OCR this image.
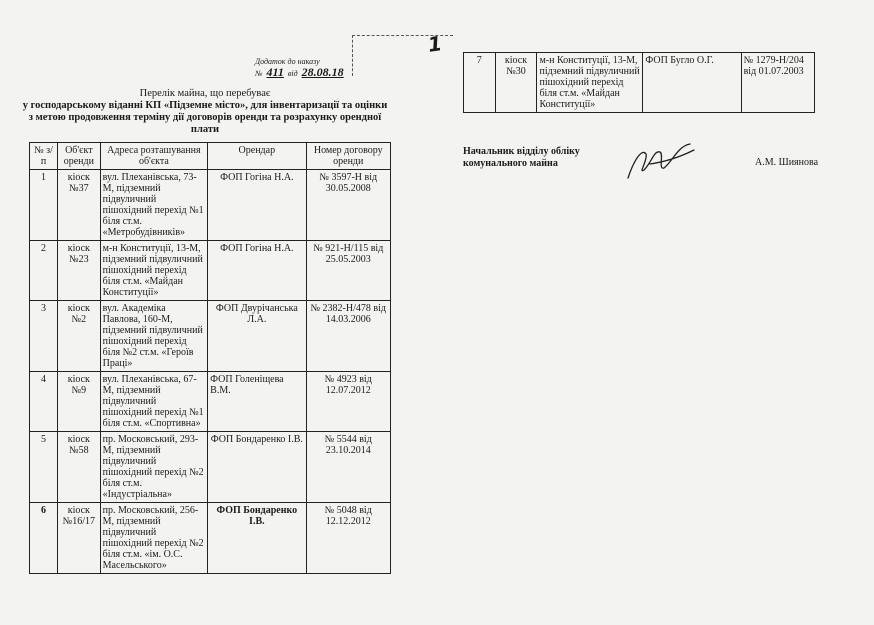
1
Додаток до наказу
№ 411 від 28.08.18
Перелік майна, що перебуває
у господарському віданні КП «Підземне місто», для інвентаризації та оцінки
з метою продовження терміну дії договорів оренди та розрахунку орендної плати
№ з/п	Об'єкт оренди	Адреса розташування об'єкта	Орендар	Номер договору оренди
1	кіоск №37	вул. Плеханівська, 73-М, підземний підвуличний пішохідний перехід №1 біля ст.м. «Метробудівників»	ФОП Гогіна Н.А.	№ 3597-Н від 30.05.2008
2	кіоск №23	м-н Конституції, 13-М, підземний підвуличний пішохідний перехід біля ст.м. «Майдан Конституції»	ФОП Гогіна Н.А.	№ 921-Н/115 від 25.05.2003
3	кіоск №2	вул. Академіка Павлова, 160-М, підземний підвуличний пішохідний перехід біля №2 ст.м. «Героїв Праці»	ФОП Двурічанська Л.А.	№ 2382-Н/478 від 14.03.2006
4	кіоск №9	вул. Плеханівська, 67-М, підземний підвуличний пішохідний перехід №1 біля ст.м. «Спортивна»	ФОП Голенiщева В.М.	№ 4923 від 12.07.2012
5	кіоск №58	пр. Московський, 293-М, підземний підвуличний пішохідний перехід №2 біля ст.м. «Індустріальна»	ФОП Бондаренко І.В.	№ 5544 від 23.10.2014
6	кіоск №16/17	пр. Московський, 256-М, підземний підвуличний пішохідний перехід №2 біля ст.м. «ім. О.С. Масельського»	ФОП Бондаренко І.В.	№ 5048 від 12.12.2012
7	кіоск №30	м-н Конституції, 13-М, підземний підвуличний пішохідний перехід біля ст.м. «Майдан Конституції»	ФОП Бугло О.Г.	№ 1279-Н/204 від 01.07.2003
Начальник відділу обліку
комунального майна	А.М. Шиянова
